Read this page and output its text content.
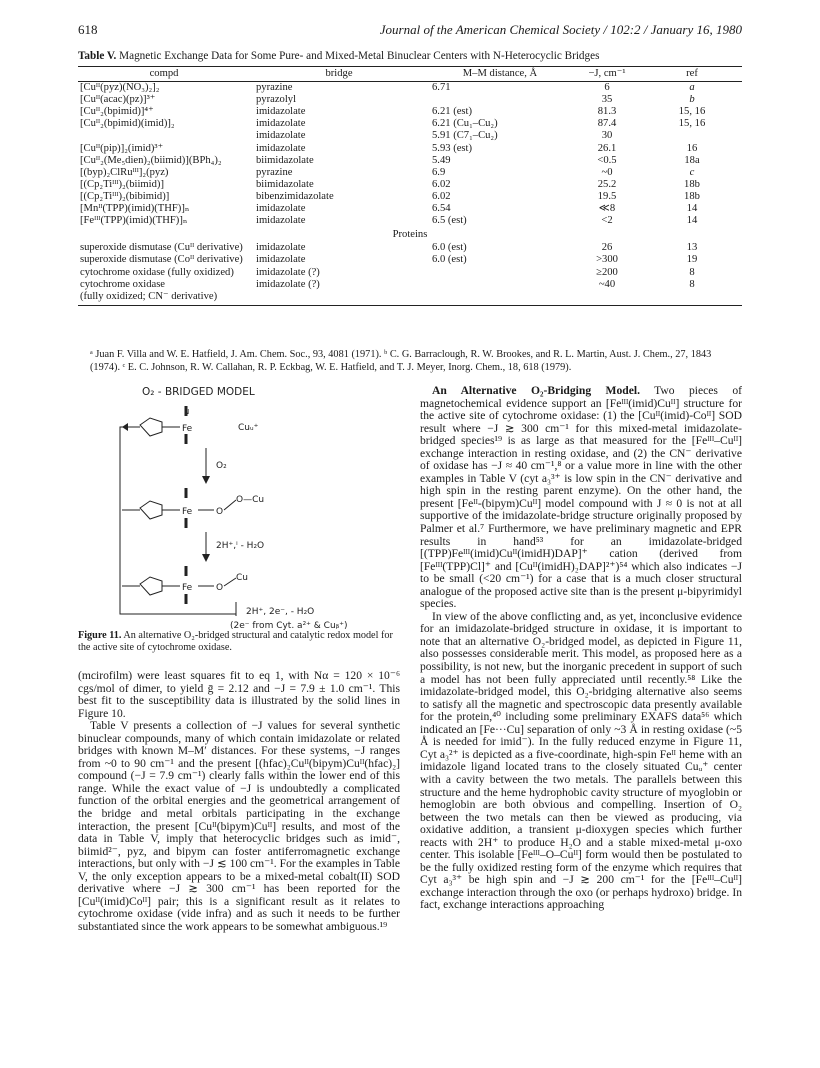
618	Journal of the American Chemical Society / 102:2 / January 16, 1980
Table V. Magnetic Exchange Data for Some Pure- and Mixed-Metal Binuclear Centers with N-Heterocyclic Bridges
compd	bridge	M–M distance, Å	−J, cm⁻¹	ref
[Cuᴵᴵ(pyz)(NO₃)₂]₂	pyrazine	6.71	6	a
[Cuᴵᴵ(acac)(pz)]³⁺	pyrazolyl		35	b
[Cuᴵᴵ₂(bpimid)]⁴⁺	imidazolate	6.21 (est)	81.3	15, 16
[Cuᴵᴵ₂(bpimid)(imid)]₂	imidazolate	6.21 (Cu₁–Cu₂)	87.4	15, 16
	imidazolate	5.91 (C7₁–Cu₂)	30	
[Cuᴵᴵ(pip)]₂(imid)³⁺	imidazolate	5.93 (est)	26.1	16
[Cuᴵᴵ₂(Me₅dien)₂(biimid)](BPh₄)₂	biimidazolate	5.49	<0.5	18a
[(byp)₂ClRuᴵᴵᴵ]₂(pyz)	pyrazine	6.9	~0	c
[(Cp₂Tiᴵᴵᴵ)₂(biimid)]	biimidazolate	6.02	25.2	18b
[(Cp₂Tiᴵᴵᴵ)₂(bibimid)]	bibenzimidazolate	6.02	19.5	18b
[Mnᴵᴵ(TPP)(imid)(THF)]ₙ	imidazolate	6.54	≪8	14
[Feᴵᴵᴵ(TPP)(imid)(THF)]ₙ	imidazolate	6.5 (est)	<2	14
Proteins				
superoxide dismutase (Cuᴵᴵ derivative)	imidazolate	6.0 (est)	26	13
superoxide dismutase (Coᴵᴵ derivative)	imidazolate	6.0 (est)	>300	19
cytochrome oxidase (fully oxidized)	imidazolate (?)		≥200	8
cytochrome oxidase	imidazolate (?)		~40	8
(fully oxidized; CN⁻ derivative)				
ᵃ Juan F. Villa and W. E. Hatfield, J. Am. Chem. Soc., 93, 4081 (1971). ᵇ C. G. Barraclough, R. W. Brookes, and R. L. Martin, Aust. J. Chem., 27, 1843 (1974). ᶜ E. C. Johnson, R. W. Callahan, R. P. Eckbag, W. E. Hatfield, and T. J. Meyer, Inorg. Chem., 18, 618 (1979).
O₂ - BRIDGED MODEL
Fe
N
Cuᵤ⁺
O₂
Fe	O
O—Cu
2H⁺,ⁱ - H₂O
Fe	O
Cu
2H⁺, 2e⁻, - H₂O
(2e⁻ from Cyt. a²⁺ & Cuᵦ⁺)
Figure 11. An alternative O₂-bridged structural and catalytic redox model for the active site of cytochrome oxidase.

(mcirofilm) were least squares fit to eq 1, with Nα = 120 × 10⁻⁶ cgs/mol of dimer, to yield ḡ = 2.12 and −J = 7.9 ± 1.0 cm⁻¹. This best fit to the susceptibility data is illustrated by the solid lines in Figure 10.

Table V presents a collection of −J values for several synthetic binuclear compounds, many of which contain imidazolate or related bridges with known M–M′ distances. For these systems, −J ranges from ~0 to 90 cm⁻¹ and the present [(hfac)₂Cuᴵᴵ(bipym)Cuᴵᴵ(hfac)₂] compound (−J = 7.9 cm⁻¹) clearly falls within the lower end of this range. While the exact value of −J is undoubtedly a complicated function of the orbital energies and the geometrical arrangement of the bridge and metal orbitals participating in the exchange interaction, the present [Cuᴵᴵ(bipym)Cuᴵᴵ] results, and most of the data in Table V, imply that heterocyclic bridges such as imid⁻, biimid²⁻, pyz, and bipym can foster antiferromagnetic exchange interactions, but only with −J ≲ 100 cm⁻¹. For the examples in Table V, the only exception appears to be a mixed-metal cobalt(II) SOD derivative where −J ≳ 300 cm⁻¹ has been reported for the [Cuᴵᴵ(imid)Coᴵᴵ] pair; this is a significant result as it relates to cytochrome oxidase (vide infra) and as such it needs to be further substantiated since the work appears to be somewhat ambiguous.¹⁹

An Alternative O₂-Bridging Model. Two pieces of magnetochemical evidence support an [Feᴵᴵᴵ(imid)Cuᴵᴵ] structure for the active site of cytochrome oxidase: (1) the [Cuᴵᴵ(imid)-Coᴵᴵ] SOD result where −J ≳ 300 cm⁻¹ for this mixed-metal imidazolate-bridged species¹⁹ is as large as that measured for the [Feᴵᴵᴵ–Cuᴵᴵ] exchange interaction in resting oxidase, and (2) the CN⁻ derivative of oxidase has −J ≈ 40 cm⁻¹,⁸ or a value more in line with the other examples in Table V (cyt a₃³⁺ is low spin in the CN⁻ derivative and high spin in the resting parent enzyme). On the other hand, the present [Feᴵᴵ-(bipym)Cuᴵᴵ] model compound with J ≈ 0 is not at all supportive of the imidazolate-bridge structure originally proposed by Palmer et al.⁷ Furthermore, we have preliminary magnetic and EPR results in hand⁵³ for an imidazolate-bridged [(TPP)Feᴵᴵᴵ(imid)Cuᴵᴵ(imidH)DAP]⁺ cation (derived from [Feᴵᴵᴵ(TPP)Cl]⁺ and [Cuᴵᴵ(imidH)₂DAP]²⁺)⁵⁴ which also indicates −J to be small (<20 cm⁻¹) for a case that is a much closer structural analogue of the proposed active site than is the present μ-bipyrimidyl species.

In view of the above conflicting and, as yet, inconclusive evidence for an imidazolate-bridged structure in oxidase, it is important to note that an alternative O₂-bridged model, as depicted in Figure 11, also possesses considerable merit. This model, as proposed here as a possibility, is not new, but the inorganic precedent in support of such a model has not been fully appreciated until recently.⁵⁸ Like the imidazolate-bridged model, this O₂-bridging alternative also seems to satisfy all the magnetic and spectroscopic data presently available for the protein,⁴⁰ including some preliminary EXAFS data⁵⁶ which indicated an [Fe···Cu] separation of only ~3 Å in resting oxidase (~5 Å is needed for imid⁻). In the fully reduced enzyme in Figure 11, Cyt a₃²⁺ is depicted as a five-coordinate, high-spin Feᴵᴵ heme with an imidazole ligand located trans to the closely situated Cuᵤ⁺ center with a cavity between the two metals. The parallels between this structure and the heme hydrophobic cavity structure of myoglobin or hemoglobin are both obvious and compelling. Insertion of O₂ between the two metals can then be viewed as producing, via oxidative addition, a transient μ-dioxygen species which further reacts with 2H⁺ to produce H₂O and a stable mixed-metal μ-oxo center. This isolable [Feᴵᴵᴵ–O–Cuᴵᴵ] form would then be postulated to be the fully oxidized resting form of the enzyme which requires that Cyt a₃³⁺ be high spin and −J ≳ 200 cm⁻¹ for the [Feᴵᴵᴵ–Cuᴵᴵ] exchange interaction through the oxo (or perhaps hydroxo) bridge. In fact, exchange interactions approaching
